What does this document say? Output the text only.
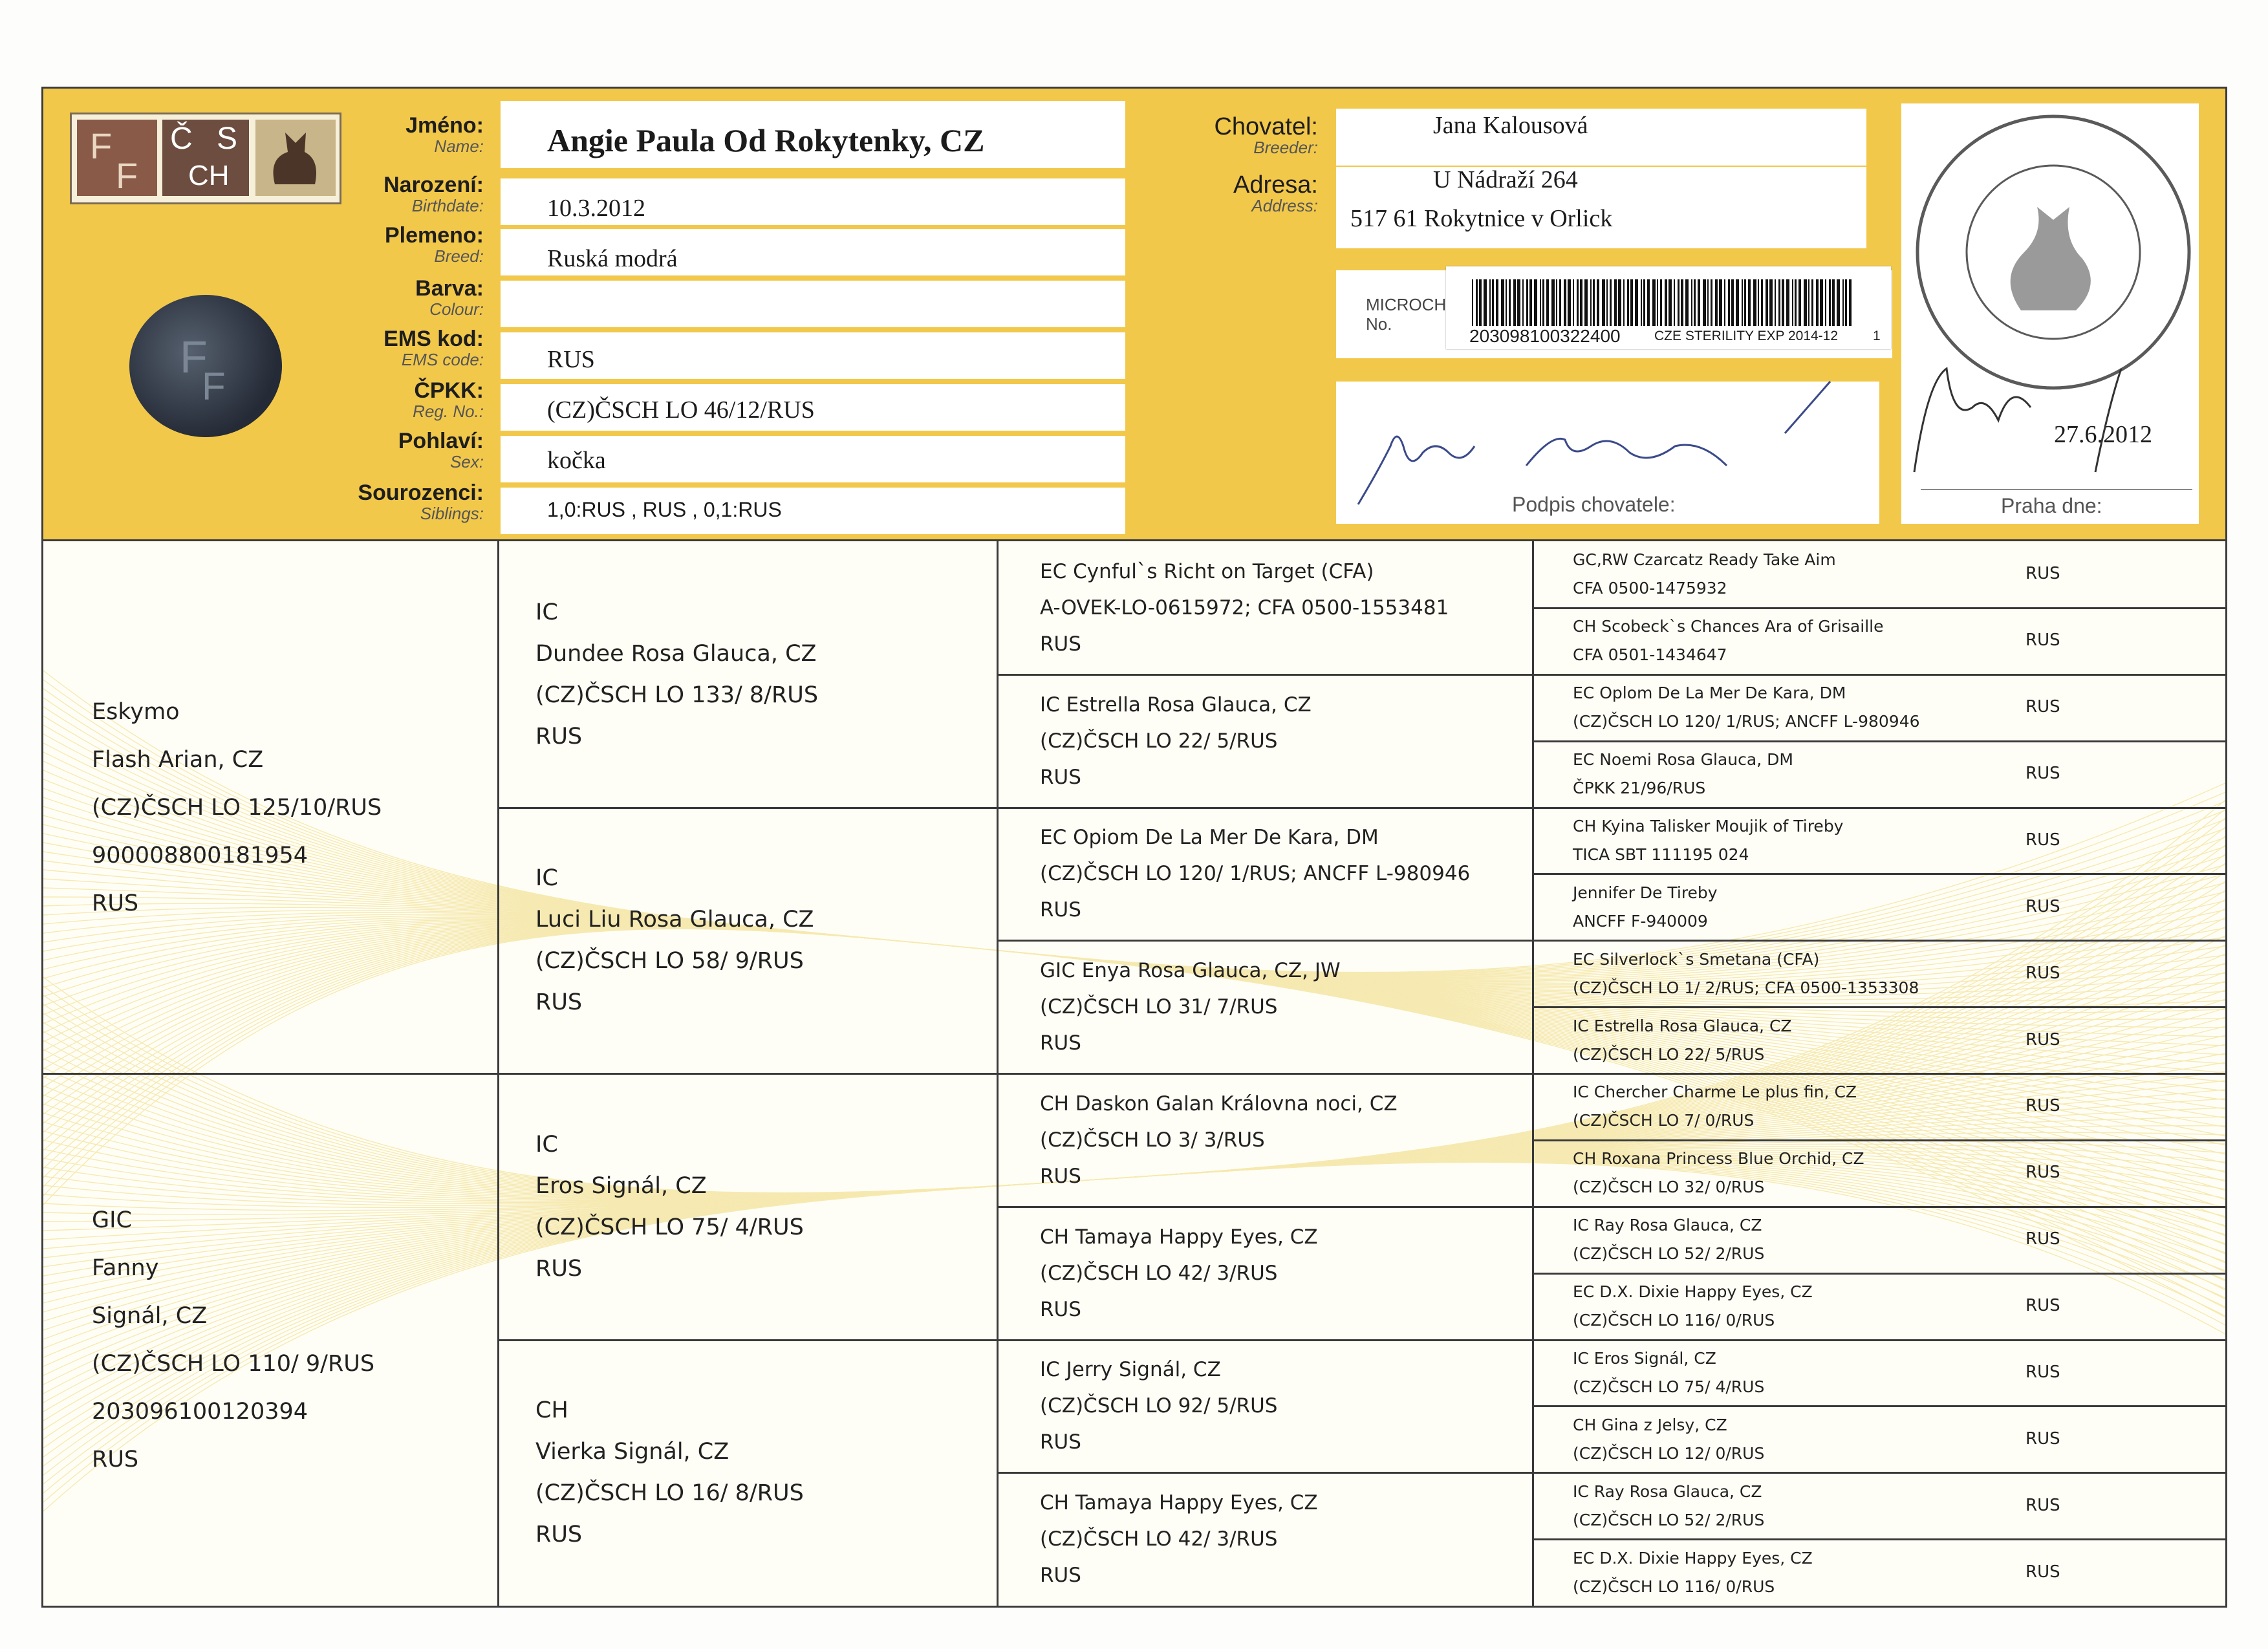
F
F
Č S
CH
F
F
Jméno:
Name:
Narození:
Birthdate:
Plemeno:
Breed:
Barva:
Colour:
EMS kod:
EMS code:
ČPKK:
Reg. No.:
Pohlaví:
Sex:
Sourozenci:
Siblings:
Angie Paula Od Rokytenky, CZ
10.3.2012
Ruská modrá
RUS
(CZ)ČSCH LO 46/12/RUS
kočka
1,0:RUS , RUS , 0,1:RUS
Chovatel:
Breeder:
Adresa:
Address:
Jana Kalousová
U Nádraží 264
517 61 Rokytnice v Orlick
MICROCH
No.
203098100322400 CZE STERILITY EXP 2014-12	1
Podpis chovatele:
27.6.2012
Praha dne:
Eskymo
Flash Arian, CZ
(CZ)ČSCH LO 125/10/RUS
900008800181954
RUS
GIC
Fanny
Signál, CZ
(CZ)ČSCH LO 110/ 9/RUS
203096100120394
RUS
IC
Dundee Rosa Glauca, CZ
(CZ)ČSCH LO 133/ 8/RUS
RUS
IC
Luci Liu Rosa Glauca, CZ
(CZ)ČSCH LO 58/ 9/RUS
RUS
IC
Eros Signál, CZ
(CZ)ČSCH LO 75/ 4/RUS
RUS
CH
Vierka Signál, CZ
(CZ)ČSCH LO 16/ 8/RUS
RUS
EC Cynful`s Richt on Target (CFA)
A-OVEK-LO-0615972; CFA 0500-1553481
RUS
IC Estrella Rosa Glauca, CZ
(CZ)ČSCH LO 22/ 5/RUS
RUS
EC Opiom De La Mer De Kara, DM
(CZ)ČSCH LO 120/ 1/RUS; ANCFF L-980946
RUS
GIC Enya Rosa Glauca, CZ, JW
(CZ)ČSCH LO 31/ 7/RUS
RUS
CH Daskon Galan Královna noci, CZ
(CZ)ČSCH LO 3/ 3/RUS
RUS
CH Tamaya Happy Eyes, CZ
(CZ)ČSCH LO 42/ 3/RUS
RUS
IC Jerry Signál, CZ
(CZ)ČSCH LO 92/ 5/RUS
RUS
CH Tamaya Happy Eyes, CZ
(CZ)ČSCH LO 42/ 3/RUS
RUS
GC,RW Czarcatz Ready Take Aim
CFA 0500-1475932
RUS
CH Scobeck`s Chances Ara of Grisaille
CFA 0501-1434647
RUS
EC Oplom De La Mer De Kara, DM
(CZ)ČSCH LO 120/ 1/RUS; ANCFF L-980946
RUS
EC Noemi Rosa Glauca, DM
ČPKK 21/96/RUS
RUS
CH Kyina Talisker Moujik of Tireby
TICA SBT 111195 024
RUS
Jennifer De Tireby
ANCFF F-940009
RUS
EC Silverlock`s Smetana (CFA)
(CZ)ČSCH LO 1/ 2/RUS; CFA 0500-1353308
RUS
IC Estrella Rosa Glauca, CZ
(CZ)ČSCH LO 22/ 5/RUS
RUS
IC Chercher Charme Le plus fin, CZ
(CZ)ČSCH LO 7/ 0/RUS
RUS
CH Roxana Princess Blue Orchid, CZ
(CZ)ČSCH LO 32/ 0/RUS
RUS
IC Ray Rosa Glauca, CZ
(CZ)ČSCH LO 52/ 2/RUS
RUS
EC D.X. Dixie Happy Eyes, CZ
(CZ)ČSCH LO 116/ 0/RUS
RUS
IC Eros Signál, CZ
(CZ)ČSCH LO 75/ 4/RUS
RUS
CH Gina z Jelsy, CZ
(CZ)ČSCH LO 12/ 0/RUS
RUS
IC Ray Rosa Glauca, CZ
(CZ)ČSCH LO 52/ 2/RUS
RUS
EC D.X. Dixie Happy Eyes, CZ
(CZ)ČSCH LO 116/ 0/RUS
RUS
